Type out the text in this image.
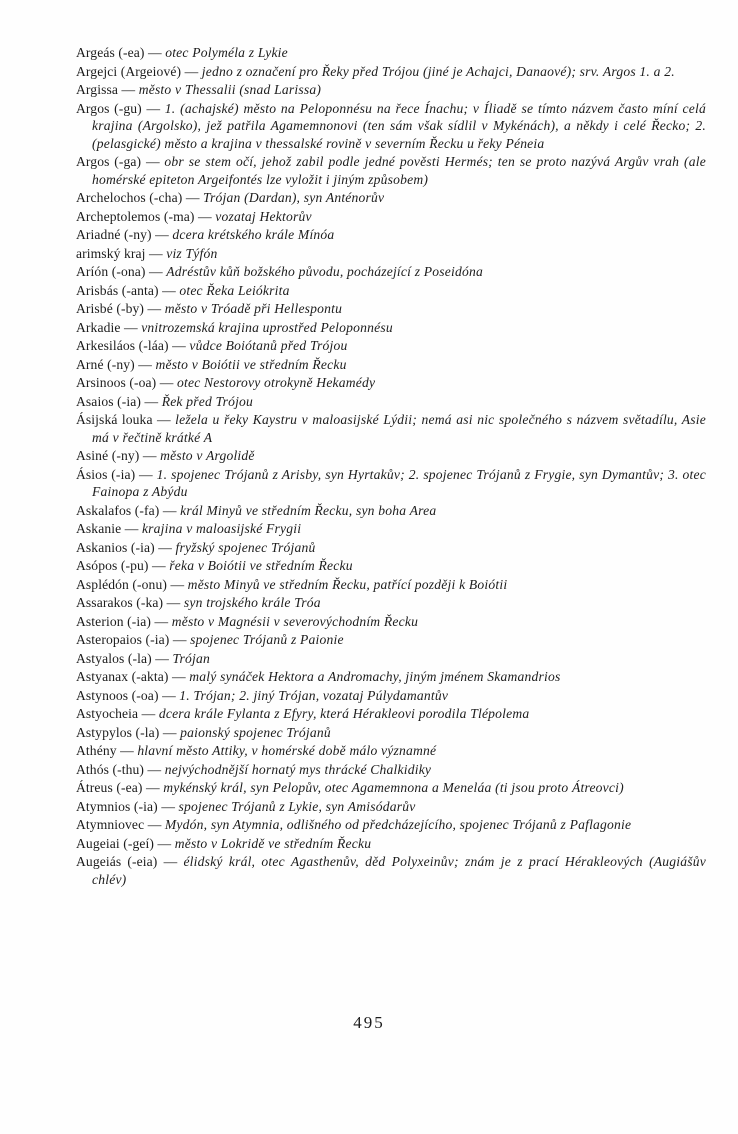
Argeás (-ea) — otec Polyméla z Lykie
Argejci (Argeiové) — jedno z označení pro Řeky před Trójou (jiné je Achajci, Danaové); srv. Argos 1. a 2.
Argissa — město v Thessalii (snad Larissa)
Argos (-gu) — 1. (achajské) město na Peloponnésu na řece Ínachu; v Íliadě se tímto názvem často míní celá krajina (Argolsko), jež patřila Agamemnonovi (ten sám však sídlil v Mykénách), a někdy i celé Řecko; 2. (pelasgické) město a krajina v thessalské rovině v severním Řecku u řeky Péneia
Argos (-ga) — obr se stem očí, jehož zabil podle jedné pověsti Hermés; ten se proto nazývá Argův vrah (ale homérské epiteton Argeifontés lze vyložit i jiným způsobem)
Archelochos (-cha) — Trójan (Dardan), syn Anténorův
Archeptolemos (-ma) — vozataj Hektorův
Ariadné (-ny) — dcera krétského krále Mínóa
arimský kraj — viz Týfón
Aríón (-ona) — Adréstův kůň božského původu, pocházející z Poseidóna
Arisbás (-anta) — otec Řeka Leiókrita
Arisbé (-by) — město v Tróadě při Hellespontu
Arkadie — vnitrozemská krajina uprostřed Peloponnésu
Arkesiláos (-láa) — vůdce Boiótanů před Trójou
Arné (-ny) — město v Boiótii ve středním Řecku
Arsinoos (-oa) — otec Nestorovy otrokyně Hekamédy
Asaios (-ia) — Řek před Trójou
Ásijská louka — ležela u řeky Kaystru v maloasijské Lýdii; nemá asi nic společného s názvem světadílu, Asie má v řečtině krátké A
Asiné (-ny) — město v Argolidě
Ásios (-ia) — 1. spojenec Trójanů z Arisby, syn Hyrtakův; 2. spojenec Trójanů z Frygie, syn Dymantův; 3. otec Fainopa z Abýdu
Askalafos (-fa) — král Minyů ve středním Řecku, syn boha Area
Askanie — krajina v maloasijské Frygii
Askanios (-ia) — fryžský spojenec Trójanů
Asópos (-pu) — řeka v Boiótii ve středním Řecku
Asplédón (-onu) — město Minyů ve středním Řecku, patřící později k Boiótii
Assarakos (-ka) — syn trojského krále Tróa
Asterion (-ia) — město v Magnésii v severovýchodním Řecku
Asteropaios (-ia) — spojenec Trójanů z Paionie
Astyalos (-la) — Trójan
Astyanax (-akta) — malý synáček Hektora a Andromachy, jiným jménem Skamandrios
Astynoos (-oa) — 1. Trójan; 2. jiný Trójan, vozataj Púlydamantův
Astyocheia — dcera krále Fylanta z Efyry, která Hérakleovi porodila Tlépolema
Astypylos (-la) — paionský spojenec Trójanů
Athény — hlavní město Attiky, v homérské době málo významné
Athós (-thu) — nejvýchodnější hornatý mys thrácké Chalkidiky
Átreus (-ea) — mykénský král, syn Pelopův, otec Agamemnona a Meneláa (ti jsou proto Átreovci)
Atymnios (-ia) — spojenec Trójanů z Lykie, syn Amisódarův
Atymniovec — Mydón, syn Atymnia, odlišného od předcházejícího, spojenec Trójanů z Paflagonie
Augeiai (-geí) — město v Lokridě ve středním Řecku
Augeiás (-eia) — élidský král, otec Agasthenův, děd Polyxeinův; znám je z prací Hérakleových (Augiášův chlév)
495
